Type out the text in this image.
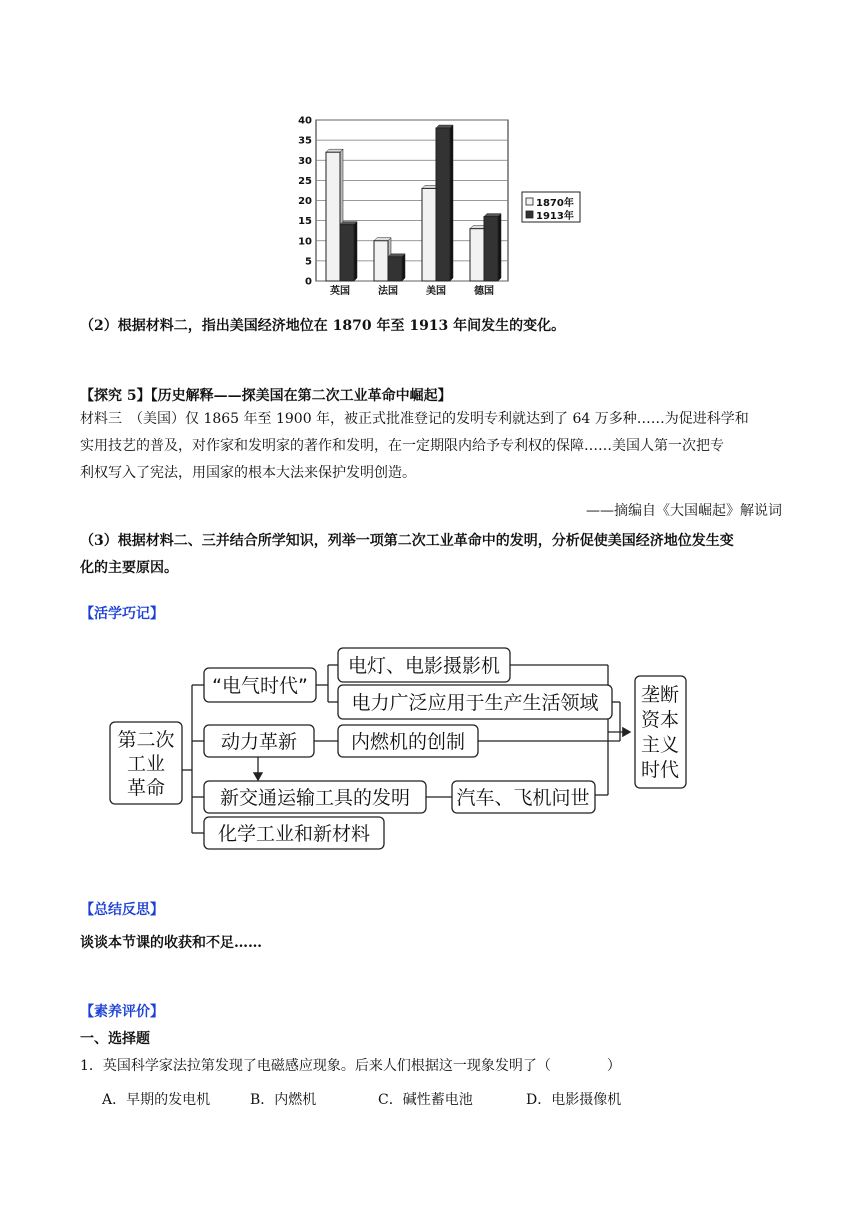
0
5
10
15
20
25
30
35
40
英国	法国	美国	德国
1870年
1913年
（2）根据材料二，指出美国经济地位在 1870 年至 1913 年间发生的变化。
【探究 5】【历史解释——探美国在第二次工业革命中崛起】
材料三　（美国）仅 1865 年至 1900 年，被正式批准登记的发明专利就达到了 64 万多种……为促进科学和
实用技艺的普及，对作家和发明家的著作和发明，在一定期限内给予专利权的保障……美国人第一次把专
利权写入了宪法，用国家的根本大法来保护发明创造。
——摘编自《大国崛起》解说词
（3）根据材料二、三并结合所学知识，列举一项第二次工业革命中的发明，分析促使美国经济地位发生变
化的主要原因。
【活学巧记】
第二次
工业
革命
“电气时代”
电灯、电影摄影机
电力广泛应用于生产生活领域
动力革新	内燃机的创制
新交通运输工具的发明 汽车、飞机问世
化学工业和新材料
垄断
资本
主义
时代
【总结反思】
谈谈本节课的收获和不足……
【素养评价】
一、选择题
1．英国科学家法拉第发现了电磁感应现象。后来人们根据这一现象发明了（　　　　）
A．早期的发电机	B．内燃机	C．碱性蓄电池	D．电影摄像机
